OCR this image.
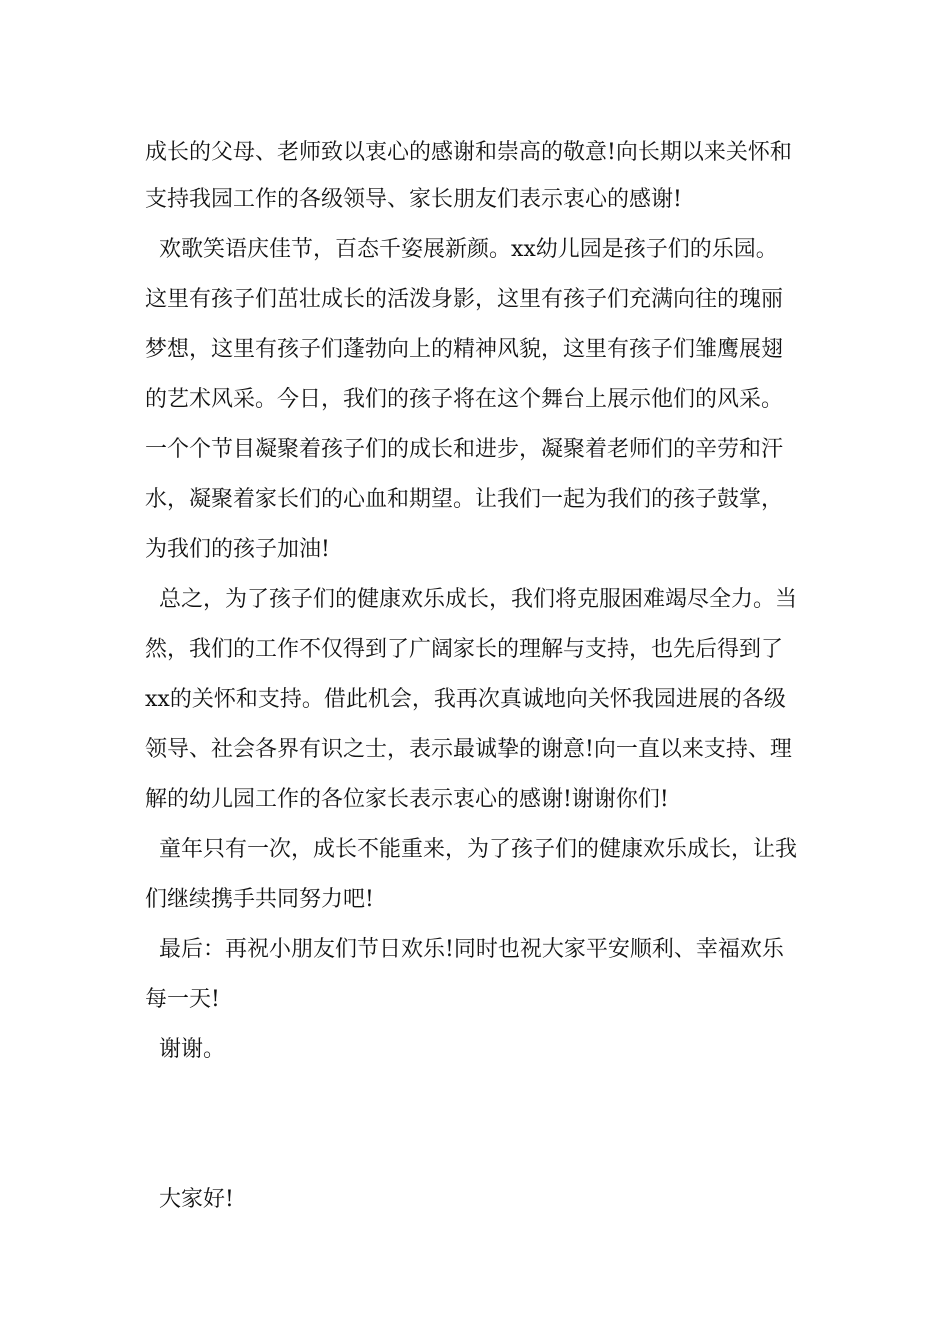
成长的父母、老师致以衷心的感谢和崇高的敬意!向长期以来关怀和
支持我园工作的各级领导、家长朋友们表示衷心的感谢!
欢歌笑语庆佳节，百态千姿展新颜。xx幼儿园是孩子们的乐园。
这里有孩子们茁壮成长的活泼身影，这里有孩子们充满向往的瑰丽
梦想，这里有孩子们蓬勃向上的精神风貌，这里有孩子们雏鹰展翅
的艺术风采。今日，我们的孩子将在这个舞台上展示他们的风采。
一个个节目凝聚着孩子们的成长和进步，凝聚着老师们的辛劳和汗
水，凝聚着家长们的心血和期望。让我们一起为我们的孩子鼓掌，
为我们的孩子加油!
总之，为了孩子们的健康欢乐成长，我们将克服困难竭尽全力。当
然，我们的工作不仅得到了广阔家长的理解与支持，也先后得到了
xx的关怀和支持。借此机会，我再次真诚地向关怀我园进展的各级
领导、社会各界有识之士，表示最诚挚的谢意!向一直以来支持、理
解的幼儿园工作的各位家长表示衷心的感谢!谢谢你们!
童年只有一次，成长不能重来，为了孩子们的健康欢乐成长，让我
们继续携手共同努力吧!
最后：再祝小朋友们节日欢乐!同时也祝大家平安顺利、幸福欢乐
每一天!
谢谢。
大家好!
